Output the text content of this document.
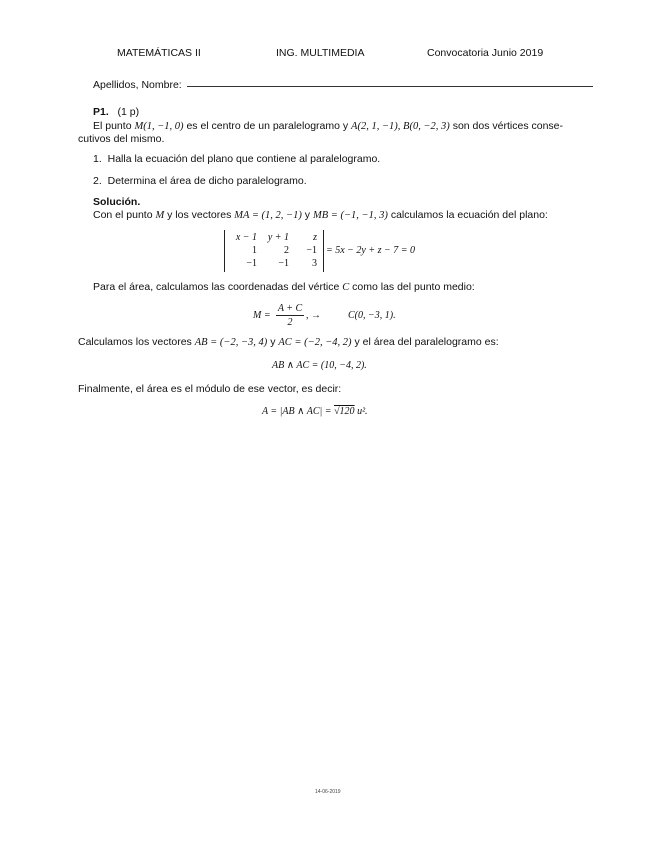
MATEMÁTICAS II	ING. MULTIMEDIA	Convocatoria Junio 2019
Apellidos, Nombre:
P1. (1 p)
El punto M(1, −1, 0) es el centro de un paralelogramo y A(2, 1, −1), B(0, −2, 3) son dos vértices conse-
cutivos del mismo.
1. Halla la ecuación del plano que contiene al paralelogramo.
2. Determina el área de dicho paralelogramo.
Solución.
Con el punto M y los vectores MA = (1, 2, −1) y MB = (−1, −1, 3) calculamos la ecuación del plano:
x − 1	y + 1	z
1	2	−1
−1	−1	3
= 5x − 2y + z − 7 = 0
Para el área, calculamos las coordenadas del vértice C como las del punto medio:
$M = \frac{A + C}{2}$ , →	C(0, −3, 1).
Calculamos los vectores AB = (−2, −3, 4) y AC = (−2, −4, 2) y el área del paralelogramo es:
AB ∧ AC = (10, −4, 2).
Finalmente, el área es el módulo de ese vector, es decir:
A = |AB ∧ AC| = √120 u².
14-06-2019
